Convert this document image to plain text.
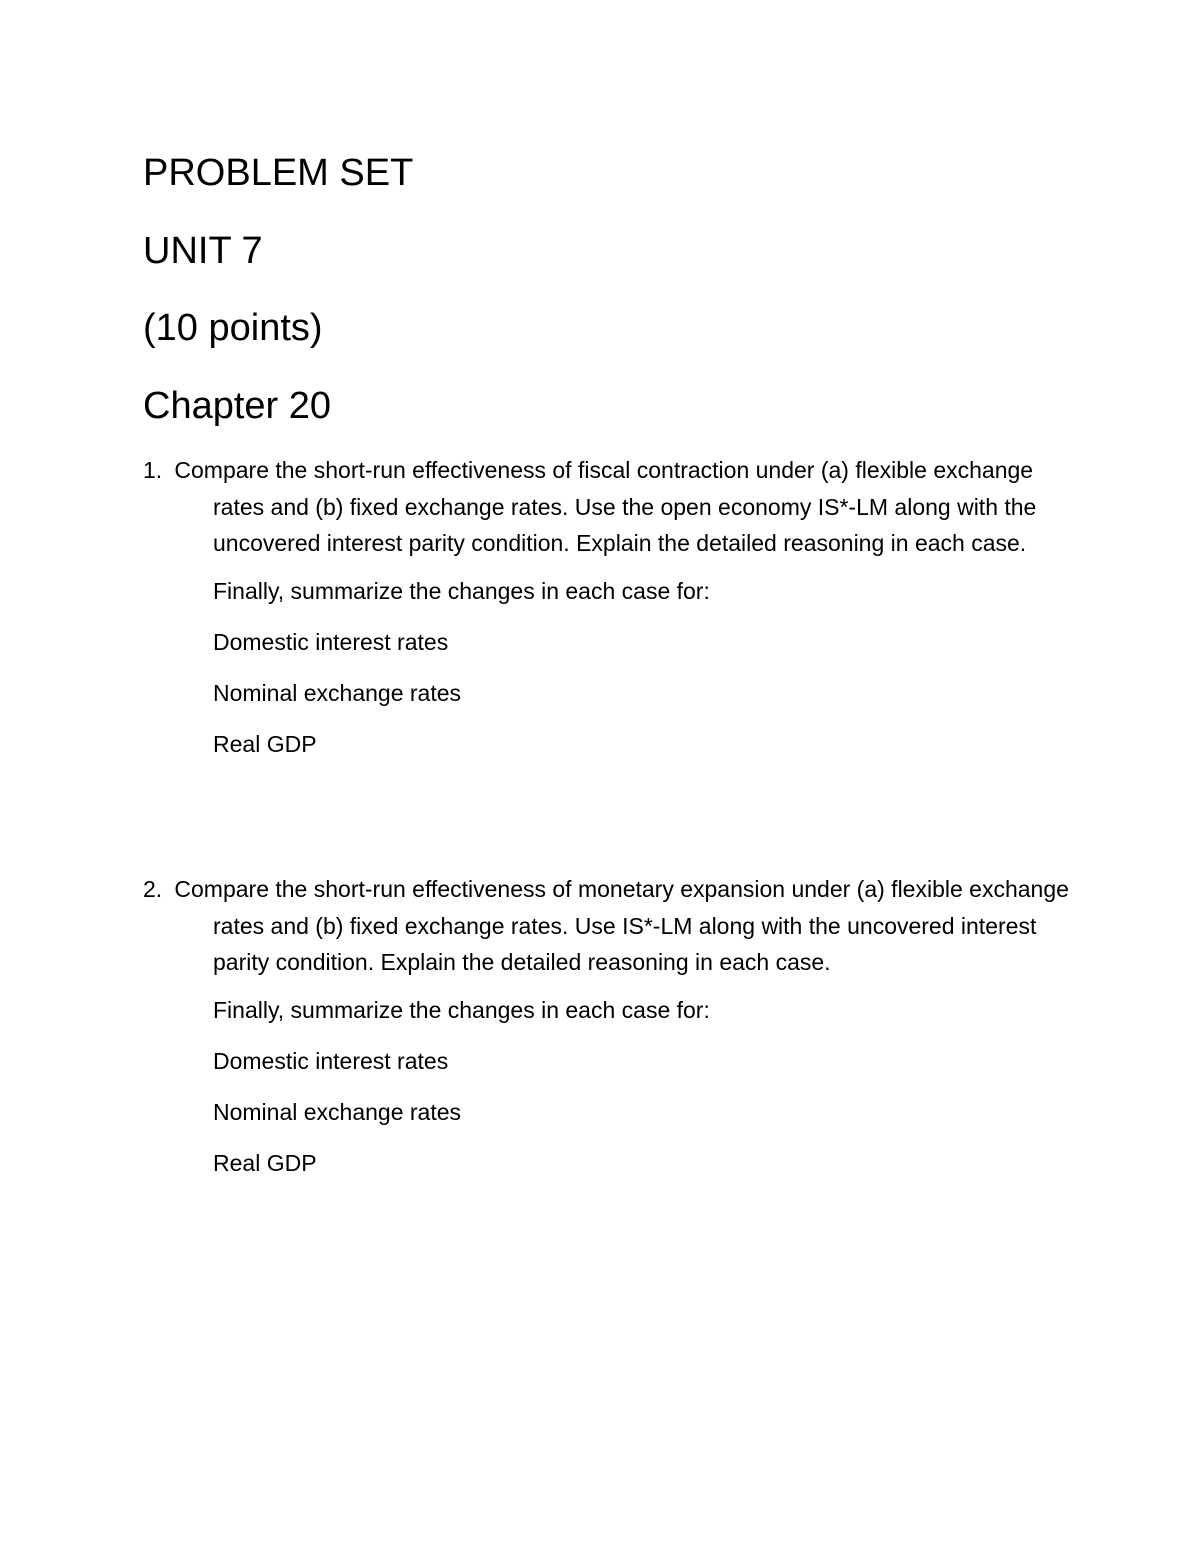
PROBLEM SET
UNIT 7
(10 points)
Chapter 20

1. Compare the short-run effectiveness of fiscal contraction under (a) flexible exchange rates and (b) fixed exchange rates. Use the open economy IS*-LM along with the uncovered interest parity condition. Explain the detailed reasoning in each case.

Finally, summarize the changes in each case for:

Domestic interest rates

Nominal exchange rates

Real GDP

2. Compare the short-run effectiveness of monetary expansion under (a) flexible exchange rates and (b) fixed exchange rates. Use IS*-LM along with the uncovered interest parity condition. Explain the detailed reasoning in each case.

Finally, summarize the changes in each case for:

Domestic interest rates

Nominal exchange rates

Real GDP
